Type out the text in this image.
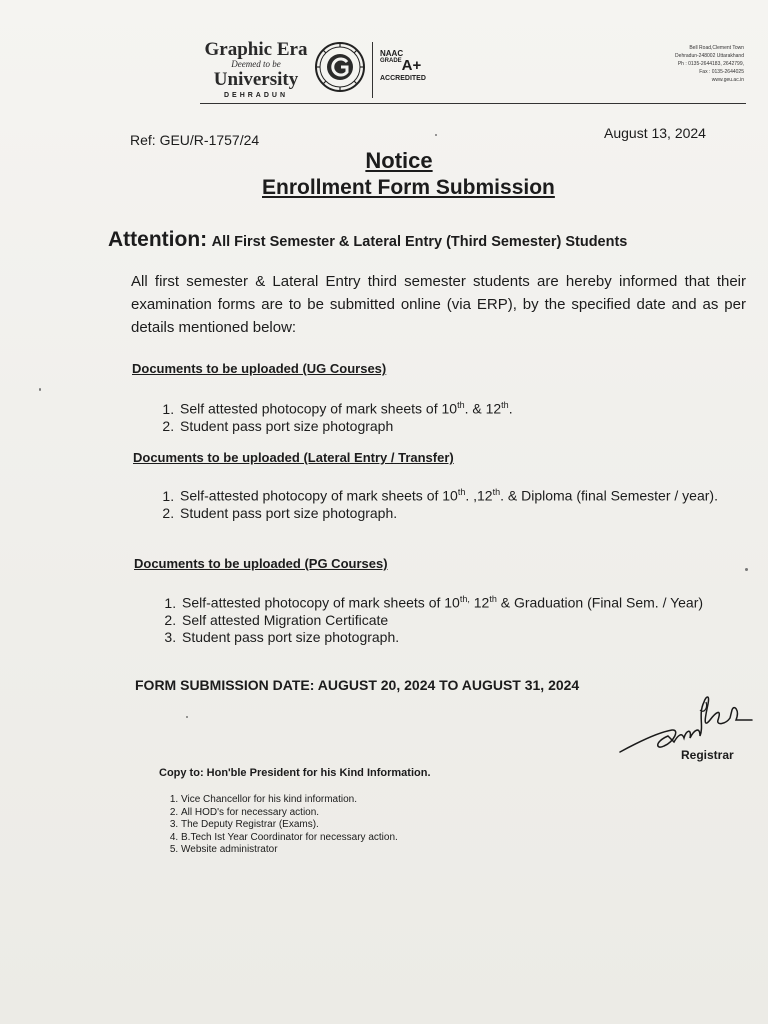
Graphic Era
Deemed to be
University
DEHRADUN
NAAC
GRADEA+
ACCREDITED
Bell Road,Clement Town
Dehradun-248002 Uttarakhand
Ph : 0135-2644183, 2642799,
Fax : 0135-2644025
www.geu.ac.in
Ref: GEU/R-1757/24	August 13, 2024
Notice
Enrollment Form Submission
Attention: All First Semester & Lateral Entry (Third Semester) Students
All first semester & Lateral Entry third semester students are hereby informed that their examination forms are to be submitted online (via ERP), by the specified date and as per details mentioned below:
Documents to be uploaded (UG Courses)
1. Self attested photocopy of mark sheets of 10th. & 12th.
2. Student pass port size photograph
Documents to be uploaded (Lateral Entry / Transfer)
1. Self-attested photocopy of mark sheets of 10th. ,12th. & Diploma (final Semester / year).
2. Student pass port size photograph.
Documents to be uploaded (PG Courses)
1. Self-attested photocopy of mark sheets of $10^{th,}$ 12th & Graduation (Final Sem. / Year)
2. Self attested Migration Certificate
3. Student pass port size photograph.
FORM SUBMISSION DATE: AUGUST 20, 2024 TO AUGUST 31, 2024
Registrar
Copy to: Hon'ble President for his Kind Information.
1. Vice Chancellor for his kind information.
2. All HOD's for necessary action.
3. The Deputy Registrar (Exams).
4. B.Tech Ist Year Coordinator for necessary action.
5. Website administrator
